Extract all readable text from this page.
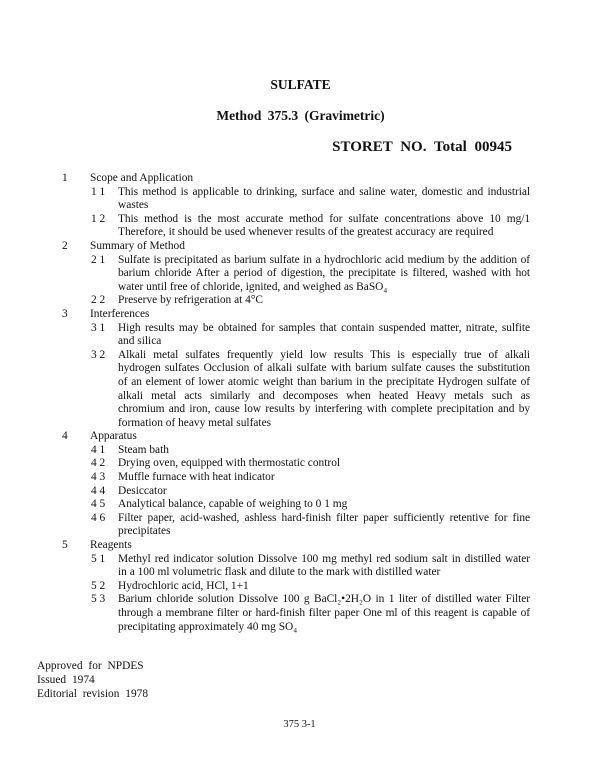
SULFATE
Method 375.3 (Gravimetric)
STORET NO. Total 00945
1 Scope and Application
1 1 This method is applicable to drinking, surface and saline water, domestic and industrial
wastes
1 2 This method is the most accurate method for sulfate concentrations above 10 mg/1
Therefore, it should be used whenever results of the greatest accuracy are required
2 Summary of Method
2 1 Sulfate is precipitated as barium sulfate in a hydrochloric acid medium by the addition of
barium chloride After a period of digestion, the precipitate is filtered, washed with hot
water until free of chloride, ignited, and weighed as BaSO₄
2 2 Preserve by refrigeration at 4°C
3 Interferences
3 1 High results may be obtained for samples that contain suspended matter, nitrate, sulfite
and silica
3 2 Alkali metal sulfates frequently yield low results This is especially true of alkali
hydrogen sulfates Occlusion of alkali sulfate with barium sulfate causes the substitution
of an element of lower atomic weight than barium in the precipitate Hydrogen sulfate of
alkali metal acts similarly and decomposes when heated Heavy metals such as
chromium and iron, cause low results by interfering with complete precipitation and by
formation of heavy metal sulfates
4 Apparatus
4 1 Steam bath
4 2 Drying oven, equipped with thermostatic control
4 3 Muffle furnace with heat indicator
4 4 Desiccator
4 5 Analytical balance, capable of weighing to 0 1 mg
4 6 Filter paper, acid-washed, ashless hard-finish filter paper sufficiently retentive for fine
precipitates
5 Reagents
5 1 Methyl red indicator solution Dissolve 100 mg methyl red sodium salt in distilled water
in a 100 ml volumetric flask and dilute to the mark with distilled water
5 2 Hydrochloric acid, HCl, 1+1
5 3 Barium chloride solution Dissolve 100 g BaCl₂•2H₂O in 1 liter of distilled water Filter
through a membrane filter or hard-finish filter paper One ml of this reagent is capable of
precipitating approximately 40 mg SO₄
Approved for NPDES
Issued 1974
Editorial revision 1978
375 3-1
